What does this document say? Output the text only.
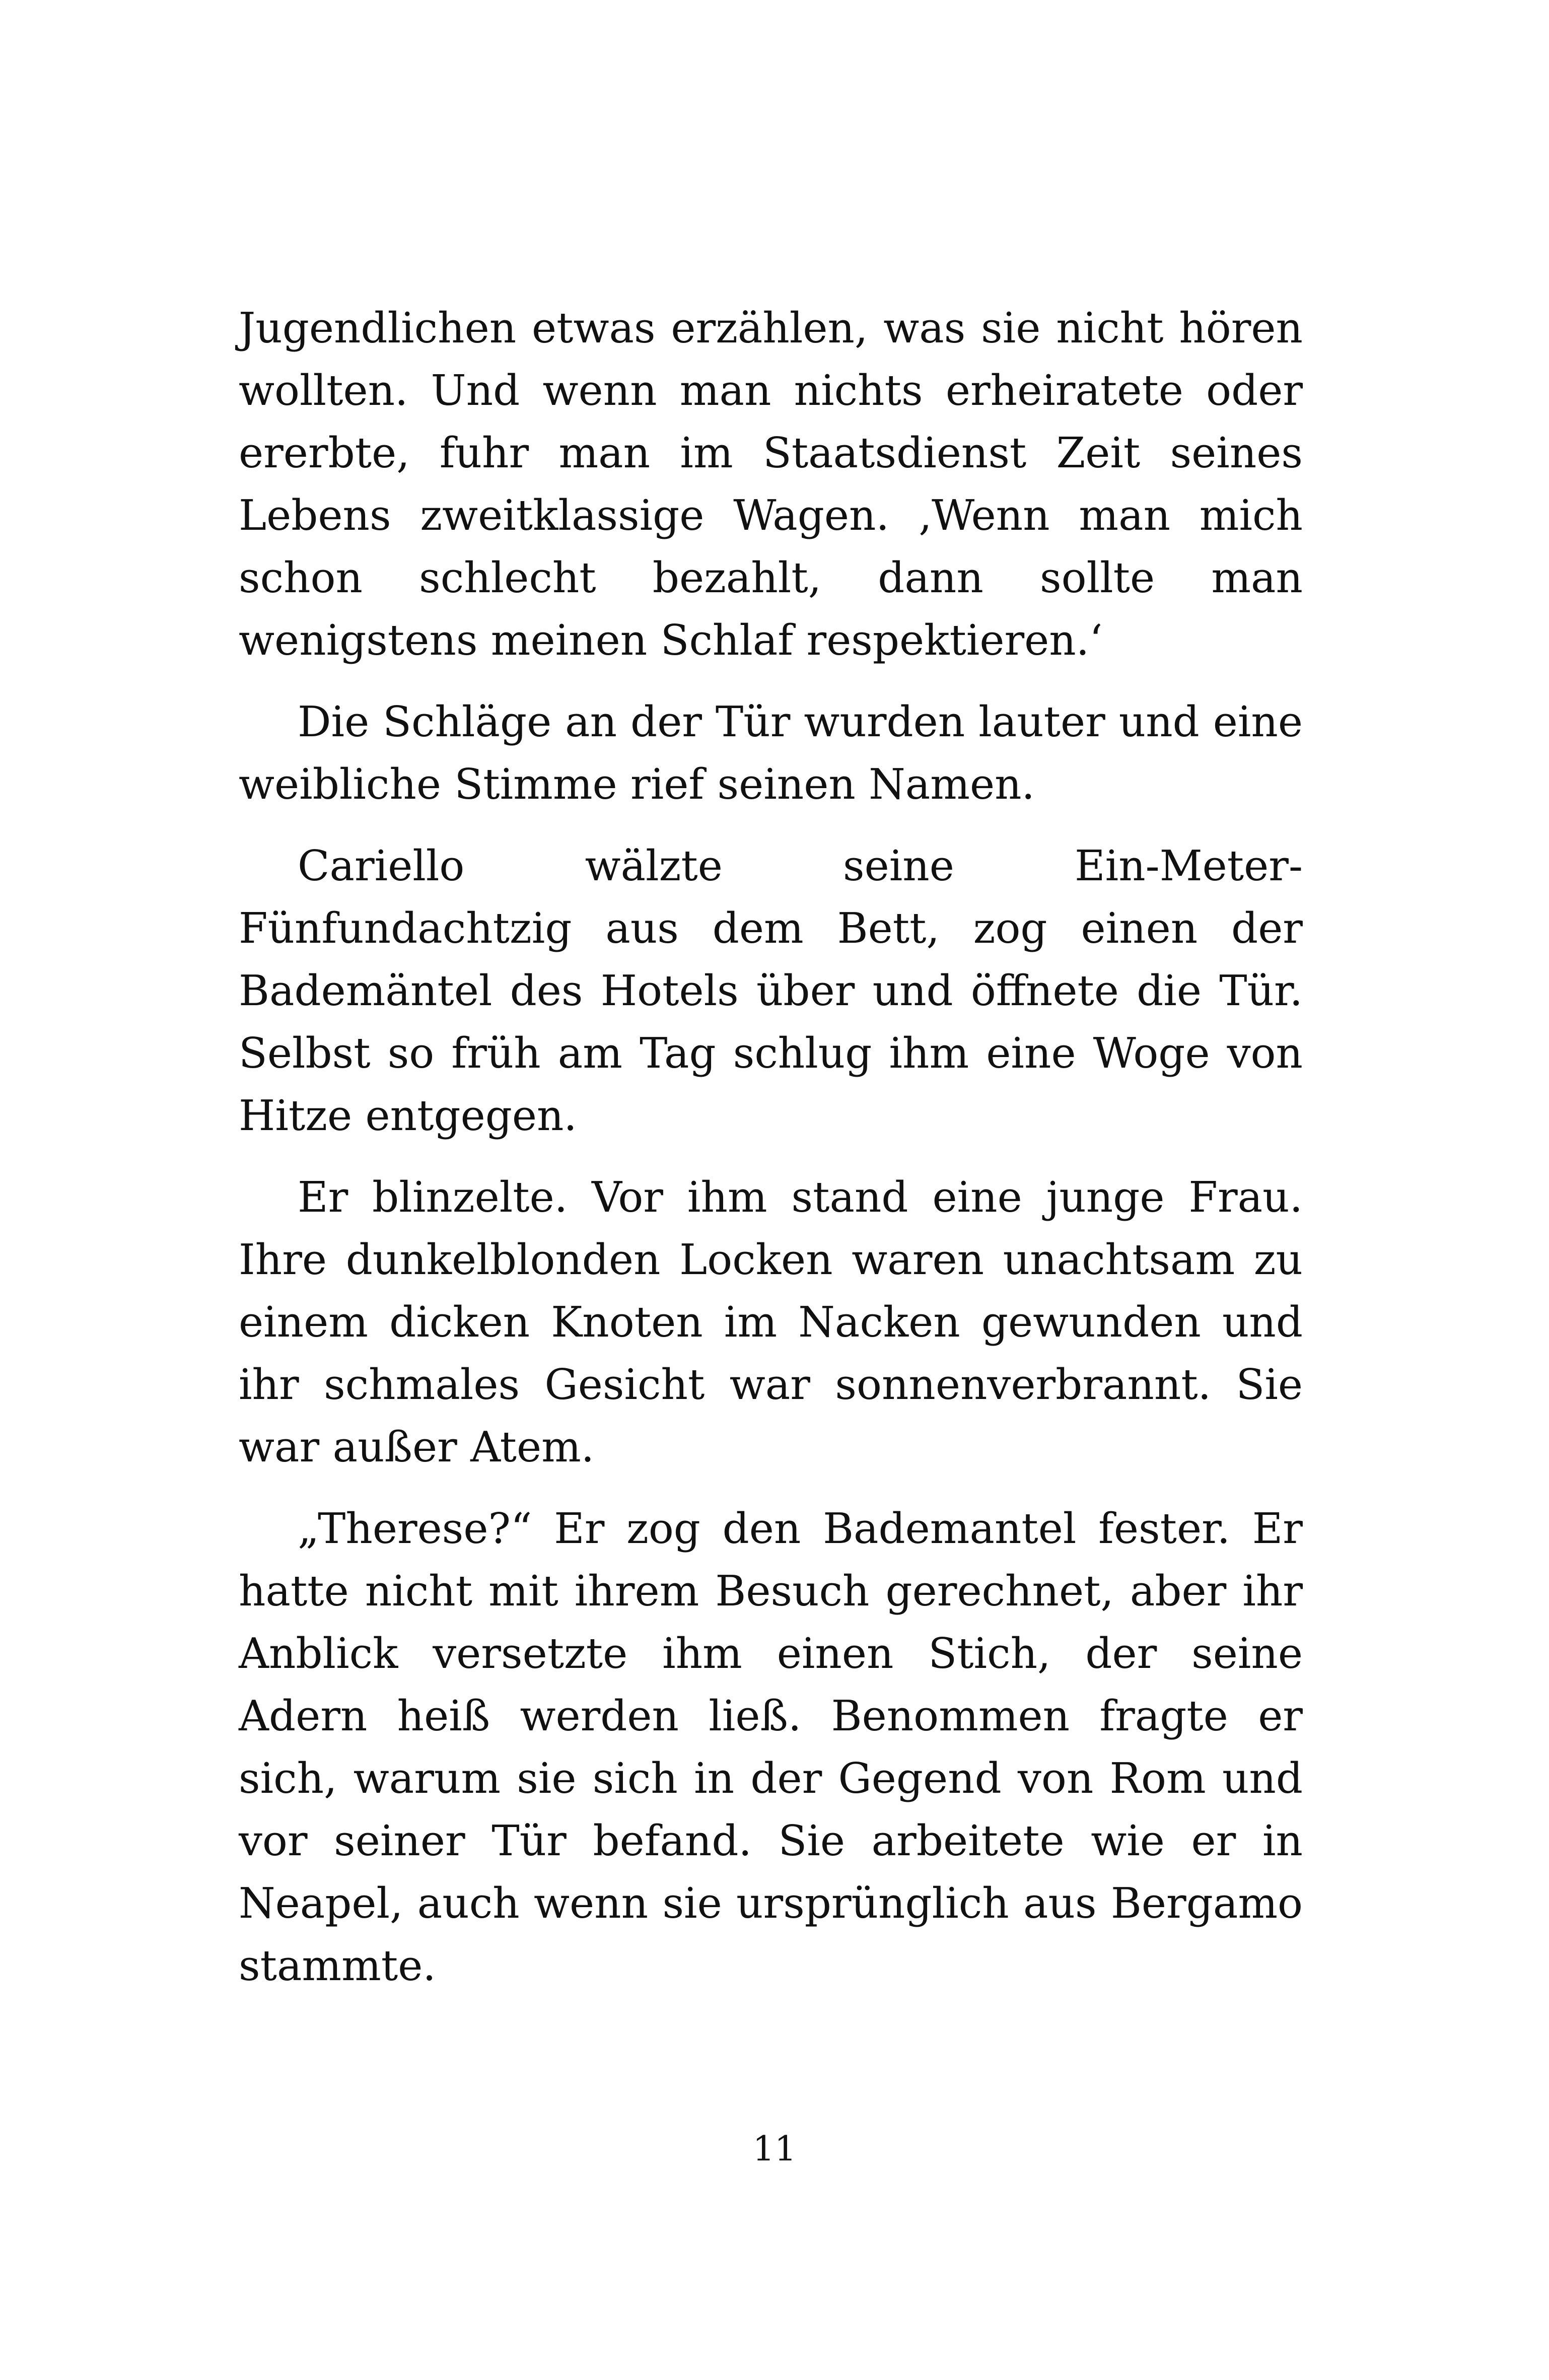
Jugendlichen etwas erzählen, was sie nicht hören wollten. Und wenn man nichts erheiratete oder ererbte, fuhr man im Staatsdienst Zeit seines Lebens zweitklassige Wagen. ‚Wenn man mich schon schlecht bezahlt, dann sollte man wenigstens meinen Schlaf respektieren.‘

Die Schläge an der Tür wurden lauter und eine weibliche Stimme rief seinen Namen.

Cariello wälzte seine Ein-Meter-Fünfundachtzig aus dem Bett, zog einen der Bademäntel des Hotels über und öffnete die Tür. Selbst so früh am Tag schlug ihm eine Woge von Hitze entgegen.

Er blinzelte. Vor ihm stand eine junge Frau. Ihre dunkelblonden Locken waren unachtsam zu einem dicken Knoten im Nacken gewunden und ihr schmales Gesicht war sonnenverbrannt. Sie war außer Atem.

„Therese?“ Er zog den Bademantel fester. Er hatte nicht mit ihrem Besuch gerechnet, aber ihr Anblick versetzte ihm einen Stich, der seine Adern heiß werden ließ. Benommen fragte er sich, warum sie sich in der Gegend von Rom und vor seiner Tür befand. Sie arbeitete wie er in Neapel, auch wenn sie ursprünglich aus Bergamo stammte.

11
